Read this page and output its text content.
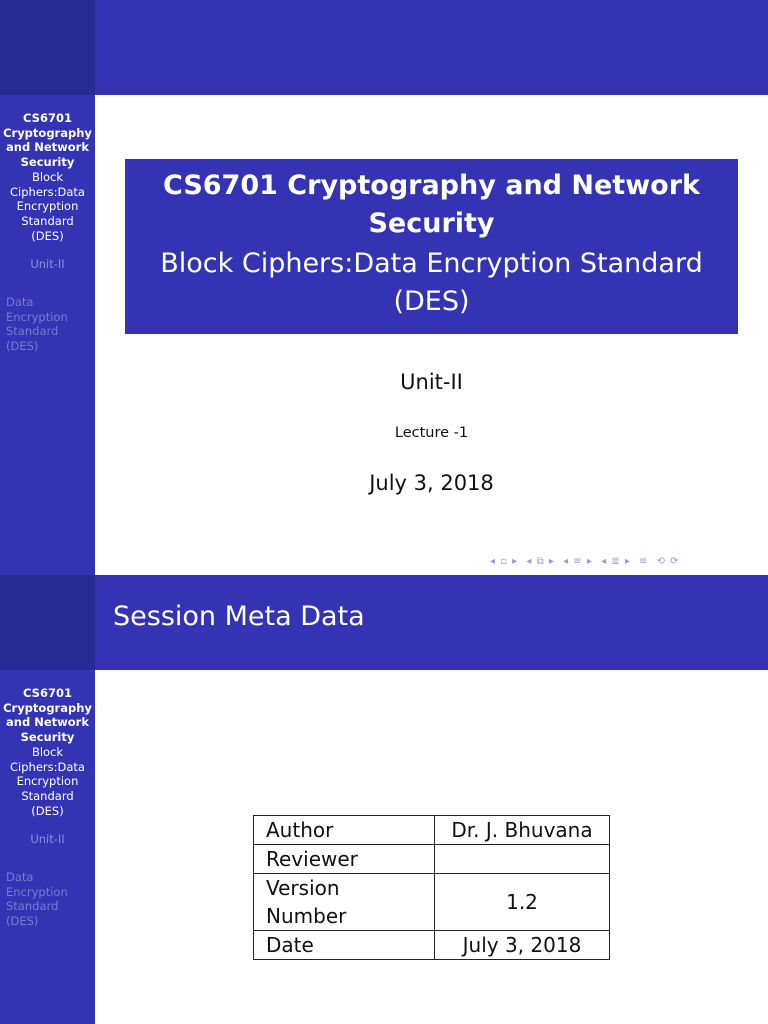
CS6701
Cryptography
and Network
Security
Block
Ciphers:Data
Encryption
Standard
(DES)
Unit-II
Data
Encryption
Standard
(DES)
CS6701 Cryptography and Network Security
Block Ciphers:Data Encryption Standard (DES)
Unit-II
Lecture -1
July 3, 2018
◂ ▫ ▸ ◂ ⧉ ▸ ◂ ≡ ▸ ◂ ≣ ▸ ≡ ⟲ ⟳
CS6701
Cryptography
and Network
Security
Block
Ciphers:Data
Encryption
Standard
(DES)
Unit-II
Data
Encryption
Standard
(DES)
Session Meta Data
Author	Dr. J. Bhuvana
Reviewer	
Version Number	1.2
Date	July 3, 2018
